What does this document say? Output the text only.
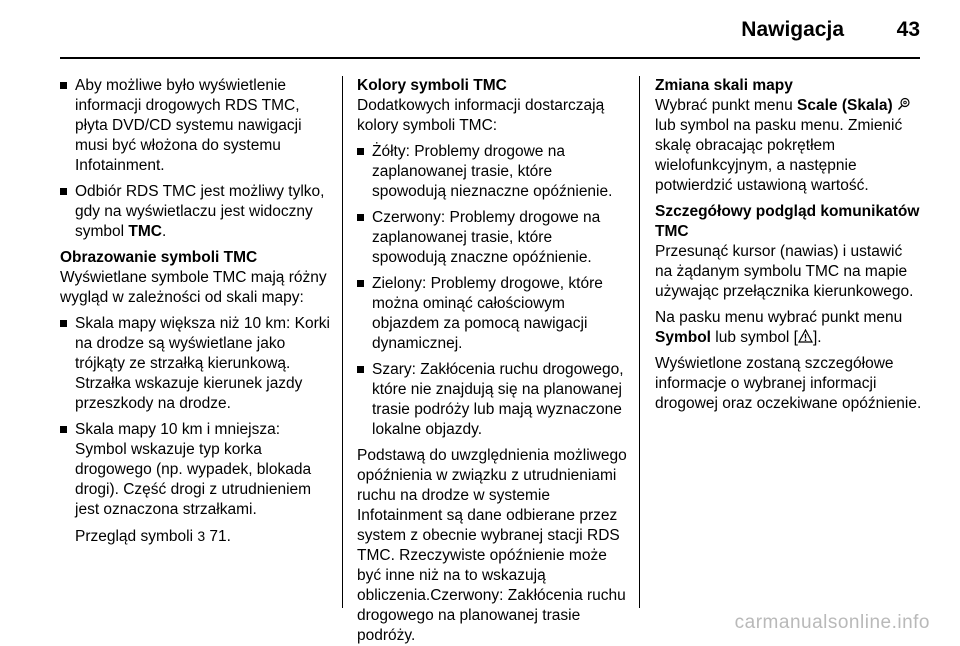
Nawigacja	43
Aby możliwe było wyświetlenie informacji drogowych RDS TMC, płyta DVD/CD systemu nawigacji musi być włożona do systemu Infotainment.
Odbiór RDS TMC jest możliwy tylko, gdy na wyświetlaczu jest widoczny symbol TMC.
Obrazowanie symboli TMC
Wyświetlane symbole TMC mają różny wygląd w zależności od skali mapy:
Skala mapy większa niż 10 km: Korki na drodze są wyświetlane jako trójkąty ze strzałką kierunkową. Strzałka wskazuje kierunek jazdy przeszkody na drodze.
Skala mapy 10 km i mniejsza: Symbol wskazuje typ korka drogowego (np. wypadek, blokada drogi). Część drogi z utrudnieniem jest oznaczona strzałkami.
Przegląd symboli 3 71.
Kolory symboli TMC
Dodatkowych informacji dostarczają kolory symboli TMC:
Żółty: Problemy drogowe na zaplanowanej trasie, które spowodują nieznaczne opóźnienie.
Czerwony: Problemy drogowe na zaplanowanej trasie, które spowodują znaczne opóźnienie.
Zielony: Problemy drogowe, które można ominąć całościowym objazdem za pomocą nawigacji dynamicznej.
Szary: Zakłócenia ruchu drogowego, które nie znajdują się na planowanej trasie podróży lub mają wyznaczone lokalne objazdy.
Podstawą do uwzględnienia możliwego opóźnienia w związku z utrudnieniami ruchu na drodze w systemie Infotainment są dane odbierane przez system z obecnie wybranej stacji RDS TMC. Rzeczywiste opóźnienie może być inne niż na to wskazują obliczenia.Czerwony: Zakłócenia ruchu drogowego na planowanej trasie podróży.
Zmiana skali mapy
Wybrać punkt menu Scale (Skala)  lub symbol na pasku menu. Zmienić skalę obracając pokrętłem wielofunkcyjnym, a następnie potwierdzić ustawioną wartość.
Szczegółowy podgląd komunikatów TMC
Przesunąć kursor (nawias) i ustawić na żądanym symbolu TMC na mapie używając przełącznika kierunkowego.
Na pasku menu wybrać punkt menu Symbol lub symbol [ ].
Wyświetlone zostaną szczegółowe informacje o wybranej informacji drogowej oraz oczekiwane opóźnienie.
carmanualsonline.info
